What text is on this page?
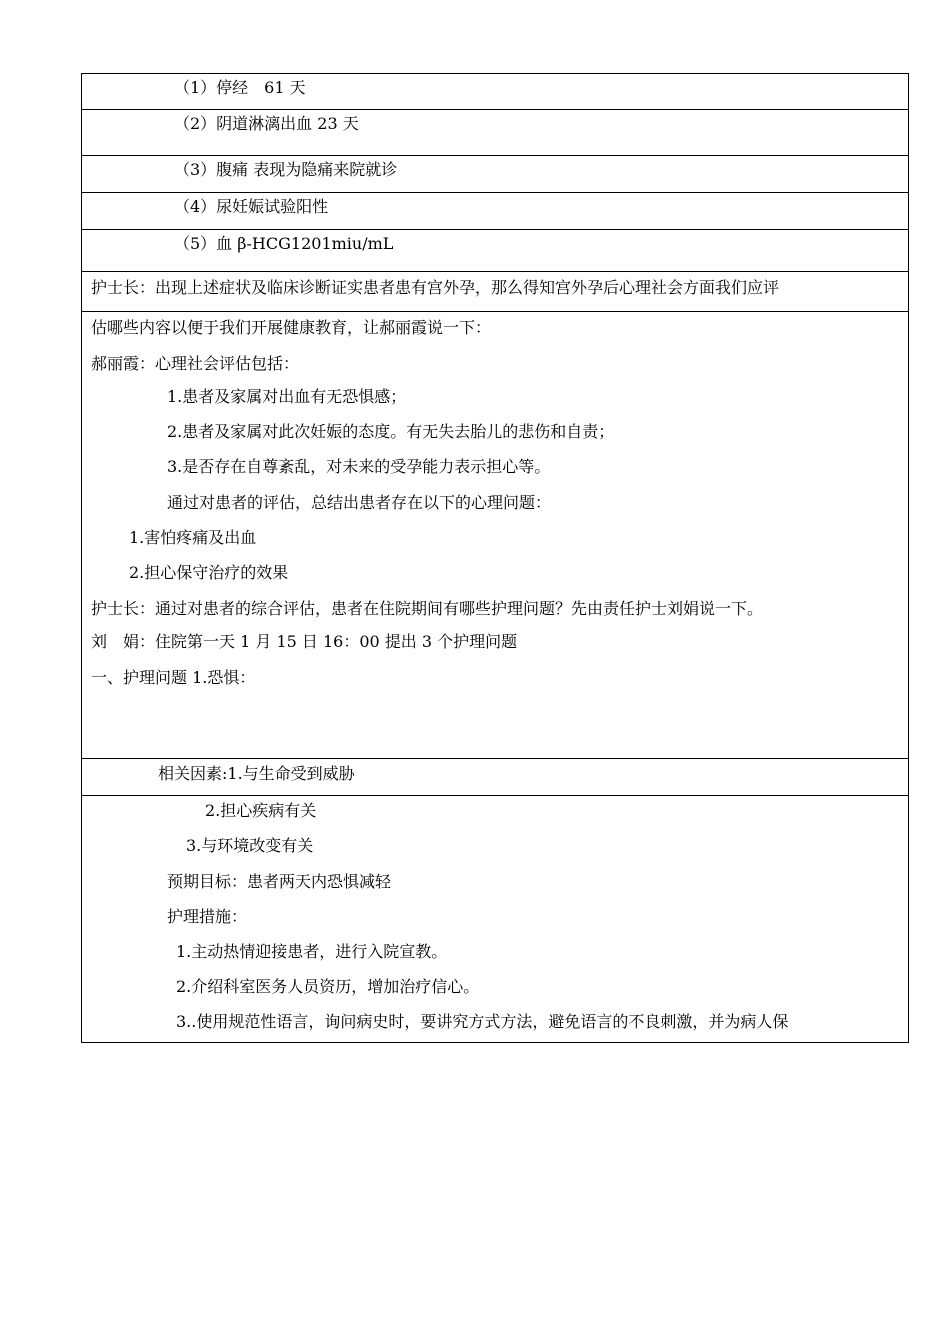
（1）停经　61 天
（2）阴道淋漓出血 23 天
（3）腹痛 表现为隐痛来院就诊
（4）尿妊娠试验阳性
（5）血 β-HCG1201miu/mL
护士长：出现上述症状及临床诊断证实患者患有宫外孕，那么得知宫外孕后心理社会方面我们应评
估哪些内容以便于我们开展健康教育，让郝丽霞说一下：
郝丽霞：心理社会评估包括：
1.患者及家属对出血有无恐惧感；
2.患者及家属对此次妊娠的态度。有无失去胎儿的悲伤和自责；
3.是否存在自尊紊乱，对未来的受孕能力表示担心等。
通过对患者的评估，总结出患者存在以下的心理问题：
1.害怕疼痛及出血
2.担心保守治疗的效果
护士长：通过对患者的综合评估，患者在住院期间有哪些护理问题？先由责任护士刘娟说一下。
刘　娟：住院第一天 1 月 15 日 16：00 提出 3 个护理问题
一、护理问题 1.恐惧：
相关因素:1.与生命受到威胁
2.担心疾病有关
3.与环境改变有关
预期目标：患者两天内恐惧减轻
护理措施：
1.主动热情迎接患者，进行入院宣教。
2.介绍科室医务人员资历，增加治疗信心。
3..使用规范性语言，询问病史时，要讲究方式方法，避免语言的不良刺激，并为病人保
